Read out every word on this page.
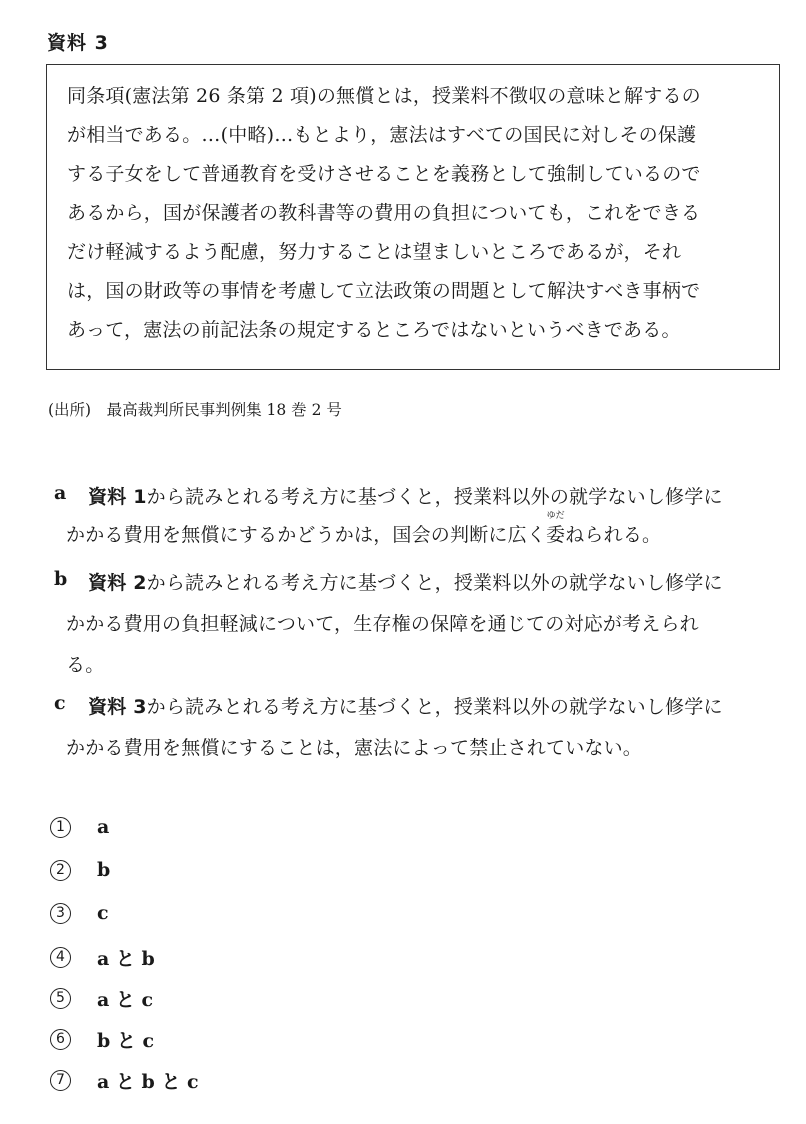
資料 3
同条項(憲法第 26 条第 2 項)の無償とは，授業料不徴収の意味と解するの
が相当である。…(中略)…もとより，憲法はすべての国民に対しその保護
する子女をして普通教育を受けさせることを義務として強制しているので
あるから，国が保護者の教科書等の費用の負担についても，これをできる
だけ軽減するよう配慮，努力することは望ましいところであるが，それ
は，国の財政等の事情を考慮して立法政策の問題として解決すべき事柄で
あって，憲法の前記法条の規定するところではないというべきである。
(出所)　最高裁判所民事判例集 18 巻 2 号
a 資料 1から読みとれる考え方に基づくと，授業料以外の就学ないし修学に
かかる費用を無償にするかどうかは，国会の判断に広く
ゆだ
委ねられる。
b 資料 2から読みとれる考え方に基づくと，授業料以外の就学ないし修学に
かかる費用の負担軽減について，生存権の保障を通じての対応が考えられ
る。
c 資料 3から読みとれる考え方に基づくと，授業料以外の就学ないし修学に
かかる費用を無償にすることは，憲法によって禁止されていない。
1	a
2	b
3	c
4	a と b
5	a と c
6	b と c
7	a と b と c
